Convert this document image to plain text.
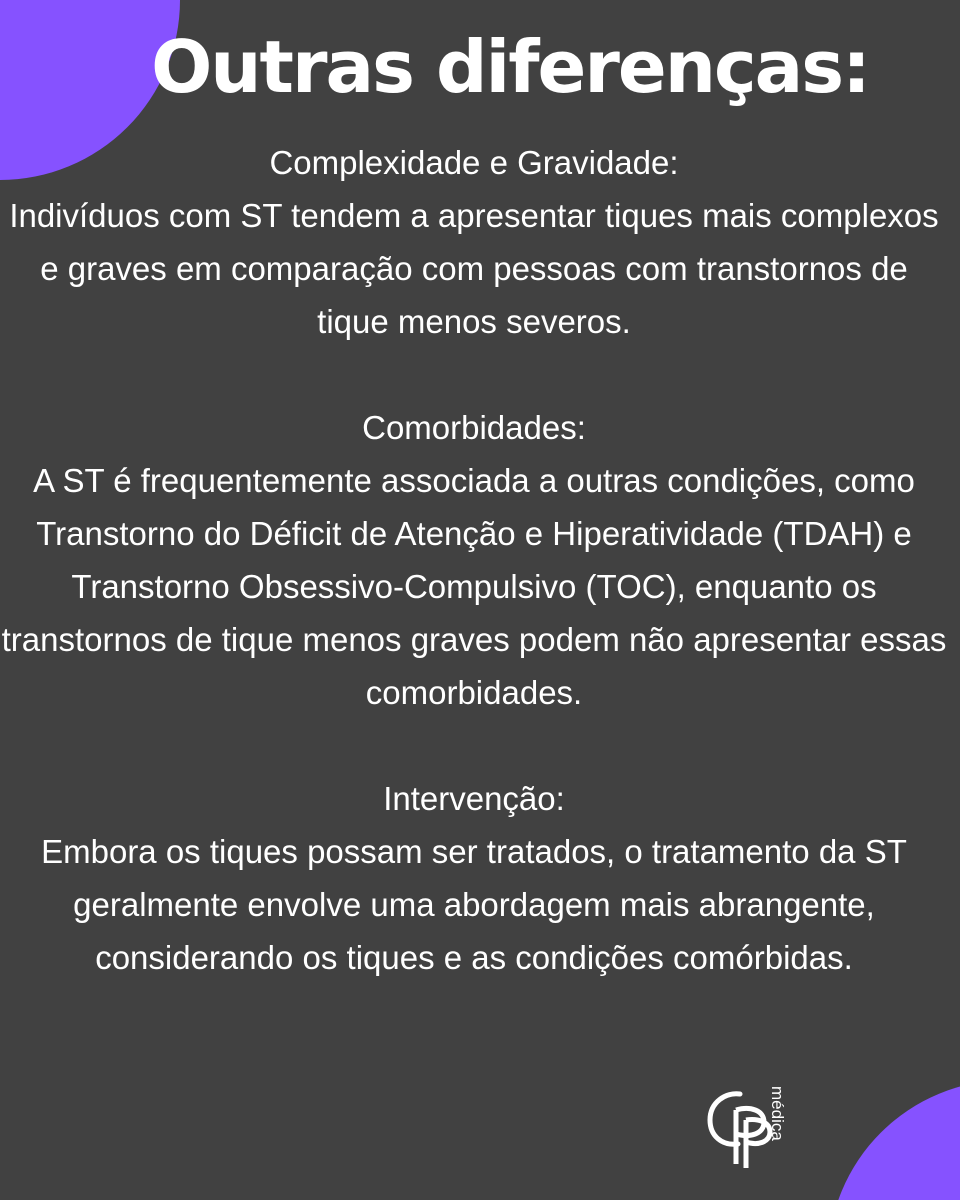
Outras diferenças:

Complexidade e Gravidade:

Indivíduos com ST tendem a apresentar tiques mais complexos e graves em comparação com pessoas com transtornos de tique menos severos.

Comorbidades:

A ST é frequentemente associada a outras condições, como Transtorno do Déficit de Atenção e Hiperatividade (TDAH) e Transtorno Obsessivo-Compulsivo (TOC), enquanto os transtornos de tique menos graves podem não apresentar essas comorbidades.

Intervenção:

Embora os tiques possam ser tratados, o tratamento da ST geralmente envolve uma abordagem mais abrangente, considerando os tiques e as condições comórbidas.

médica
